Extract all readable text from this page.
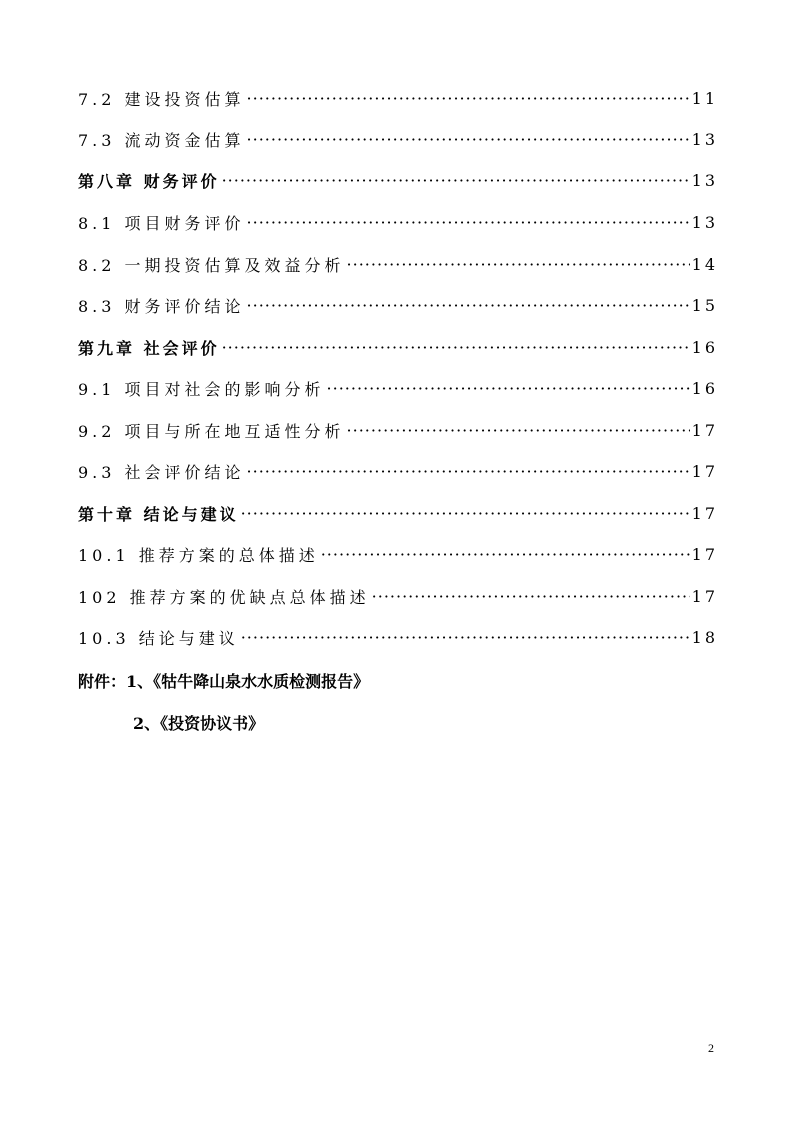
7.2 建设投资估算 ·····	11
7.3 流动资金估算 ·····	13
第八章 财务评价 ·····	13
8.1 项目财务评价 ·····	13
8.2 一期投资估算及效益分析 ·····	14
8.3 财务评价结论 ·····	15
第九章 社会评价 ·····	16
9.1 项目对社会的影响分析 ·····	16
9.2 项目与所在地互适性分析 ·····	17
9.3 社会评价结论 ·····	17
第十章 结论与建议 ·····	17
10.1 推荐方案的总体描述 ·····	17
102 推荐方案的优缺点总体描述 ·····	17
10.3 结论与建议 ·····	18
附件：1、《牯牛降山泉水水质检测报告》
2、《投资协议书》
2
